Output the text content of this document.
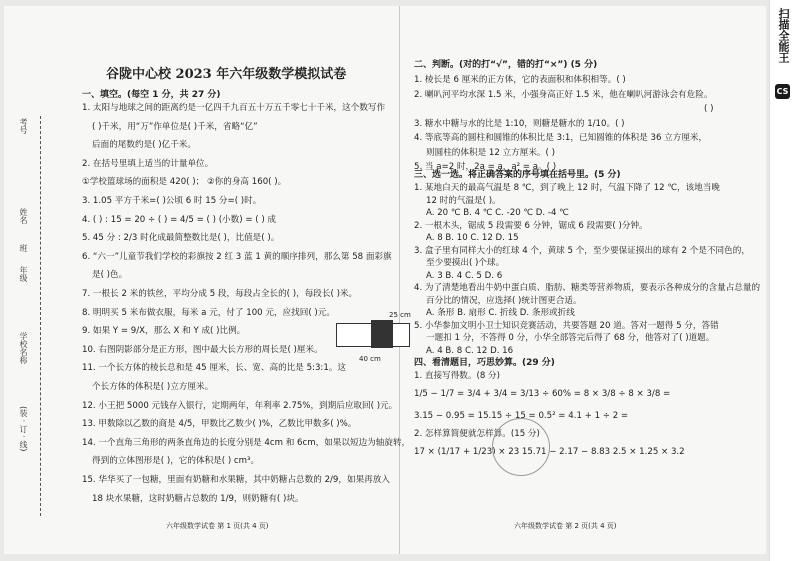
考号
姓名
班
年级
学校名称
(装 · 订 · 线)
谷陇中心校 2023 年六年级数学模拟试卷
一、填空。(每空 1 分，共 27 分)
1. 太阳与地球之间的距离约是一亿四千九百五十万五千零七十千米，这个数写作
( )千米，用“万”作单位是( )千米，省略“亿”
后面的尾数约是( )亿千米。
2. 在括号里填上适当的计量单位。
①学校篮球场的面积是 420( )； ②你的身高 160( )。
3. 1.05 平方千米=( )公顷 6 时 15 分=( )时。
4. ( ) : 15 = 20 ÷ ( ) = 4/5 = ( ) (小数) = ( ) 成
5. 45 分 : 2/3 时化成最简整数比是( )，比值是( )。
6. “六一”儿童节我们学校的彩旗按 2 红 3 蓝 1 黄的顺序排列，那么第 58 面彩旗
是( )色。
7. 一根长 2 米的铁丝，平均分成 5 段，每段占全长的( )，每段长( )米。
8. 明明买 5 米布做衣服，每米 a 元，付了 100 元，应找回( )元。
9. 如果 Y = 9/X，那么 X 和 Y 成( )比例。
10. 右图阴影部分是正方形，图中最大长方形的周长是( )厘米。
11. 一个长方体的棱长总和是 45 厘米，长、宽、高的比是 5:3:1。这
个长方体的体积是( )立方厘米。
12. 小王把 5000 元钱存入银行，定期两年，年利率 2.75%，到期后应取回( )元。
13. 甲数除以乙数的商是 4/5，甲数比乙数少( )%，乙数比甲数多( )%。
14. 一个直角三角形的两条直角边的长度分别是 4cm 和 6cm，如果以短边为轴旋转，
得到的立体图形是( )，它的体积是( ) cm³。
15. 华华买了一包糖，里面有奶糖和水果糖，其中奶糖占总数的 2/9，如果再放入
18 块水果糖，这时奶糖占总数的 1/9，则奶糖有( )块。
25 cm
40 cm
六年级数学试卷 第 1 页(共 4 页)
二、判断。(对的打“√”，错的打“×”) (5 分)
1. 棱长是 6 厘米的正方体，它的表面积和体积相等。( )
2. 喇叭河平均水深 1.5 米，小强身高正好 1.5 米，他在喇叭河游泳会有危险。
( )
3. 糖水中糖与水的比是 1:10，则糖是糖水的 1/10。( )
4. 等底等高的圆柱和圆锥的体积比是 3:1，已知圆锥的体积是 36 立方厘米，
则圆柱的体积是 12 立方厘米。( )
5. 当 a=2 时，2a = a，a² = a。( )
三、选一选。将正确答案的序号填在括号里。(5 分)
1. 某地白天的最高气温是 8 ℃，到了晚上 12 时，气温下降了 12 ℃，该地当晚
12 时的气温是( )。
A. 20 ℃ B. 4 ℃ C. -20 ℃ D. -4 ℃
2. 一根木头，锯成 5 段需要 6 分钟，锯成 6 段需要( )分钟。
A. 8 B. 10 C. 12 D. 15
3. 盒子里有同样大小的红球 4 个，黄球 5 个，至少要保证摸出的球有 2 个是不同色的，
至少要摸出( )个球。
A. 3 B. 4 C. 5 D. 6
4. 为了清楚地看出牛奶中蛋白质、脂肪、糖类等营养物质，要表示各种成分的含量占总量的
百分比的情况，应选择( )统计图更合适。
A. 条形 B. 扇形 C. 折线 D. 条形或折线
5. 小华参加文明小卫士知识竞赛活动，共要答题 20 道。答对一题得 5 分，答错
一题扣 1 分，不答得 0 分，小华全部答完后得了 68 分，他答对了( )道题。
A. 4 B. 8 C. 12 D. 16
四、看清题目，巧思妙算。(29 分)
1. 直接写得数。(8 分)
1/5 − 1/7 = 3/4 + 3/4 = 3/13 ÷ 60% = 8 × 3/8 ÷ 8 × 3/8 =
3.15 − 0.95 = 15.15 ÷ 15 = 0.5² = 4.1 + 1 ÷ 2 =
2. 怎样算简便就怎样算。(15 分)
17 × (1/17 + 1/23) × 23 15.71 − 2.17 − 8.83 2.5 × 1.25 × 3.2
六年级数学试卷 第 2 页(共 4 页)
扫描全能王
CS
